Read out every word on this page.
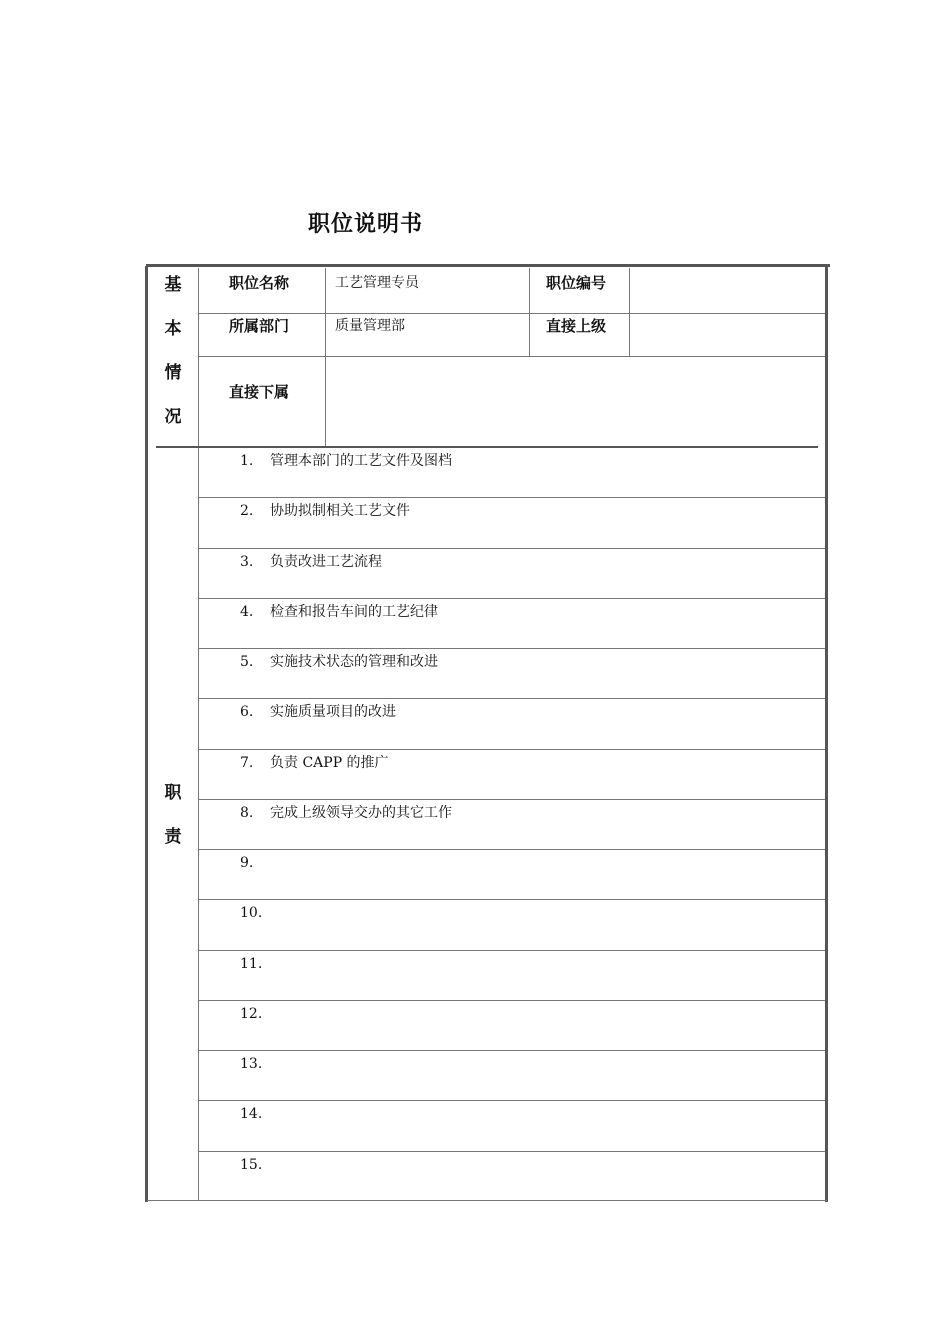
职位说明书
基
本
情
况
职位名称	工艺管理专员	职位编号
所属部门	质量管理部	直接上级
直接下属
职
责
1. 管理本部门的工艺文件及图档
2. 协助拟制相关工艺文件
3. 负责改进工艺流程
4. 检查和报告车间的工艺纪律
5. 实施技术状态的管理和改进
6. 实施质量项目的改进
7. 负责 CAPP 的推广
8. 完成上级领导交办的其它工作
9.
10.
11.
12.
13.
14.
15.
